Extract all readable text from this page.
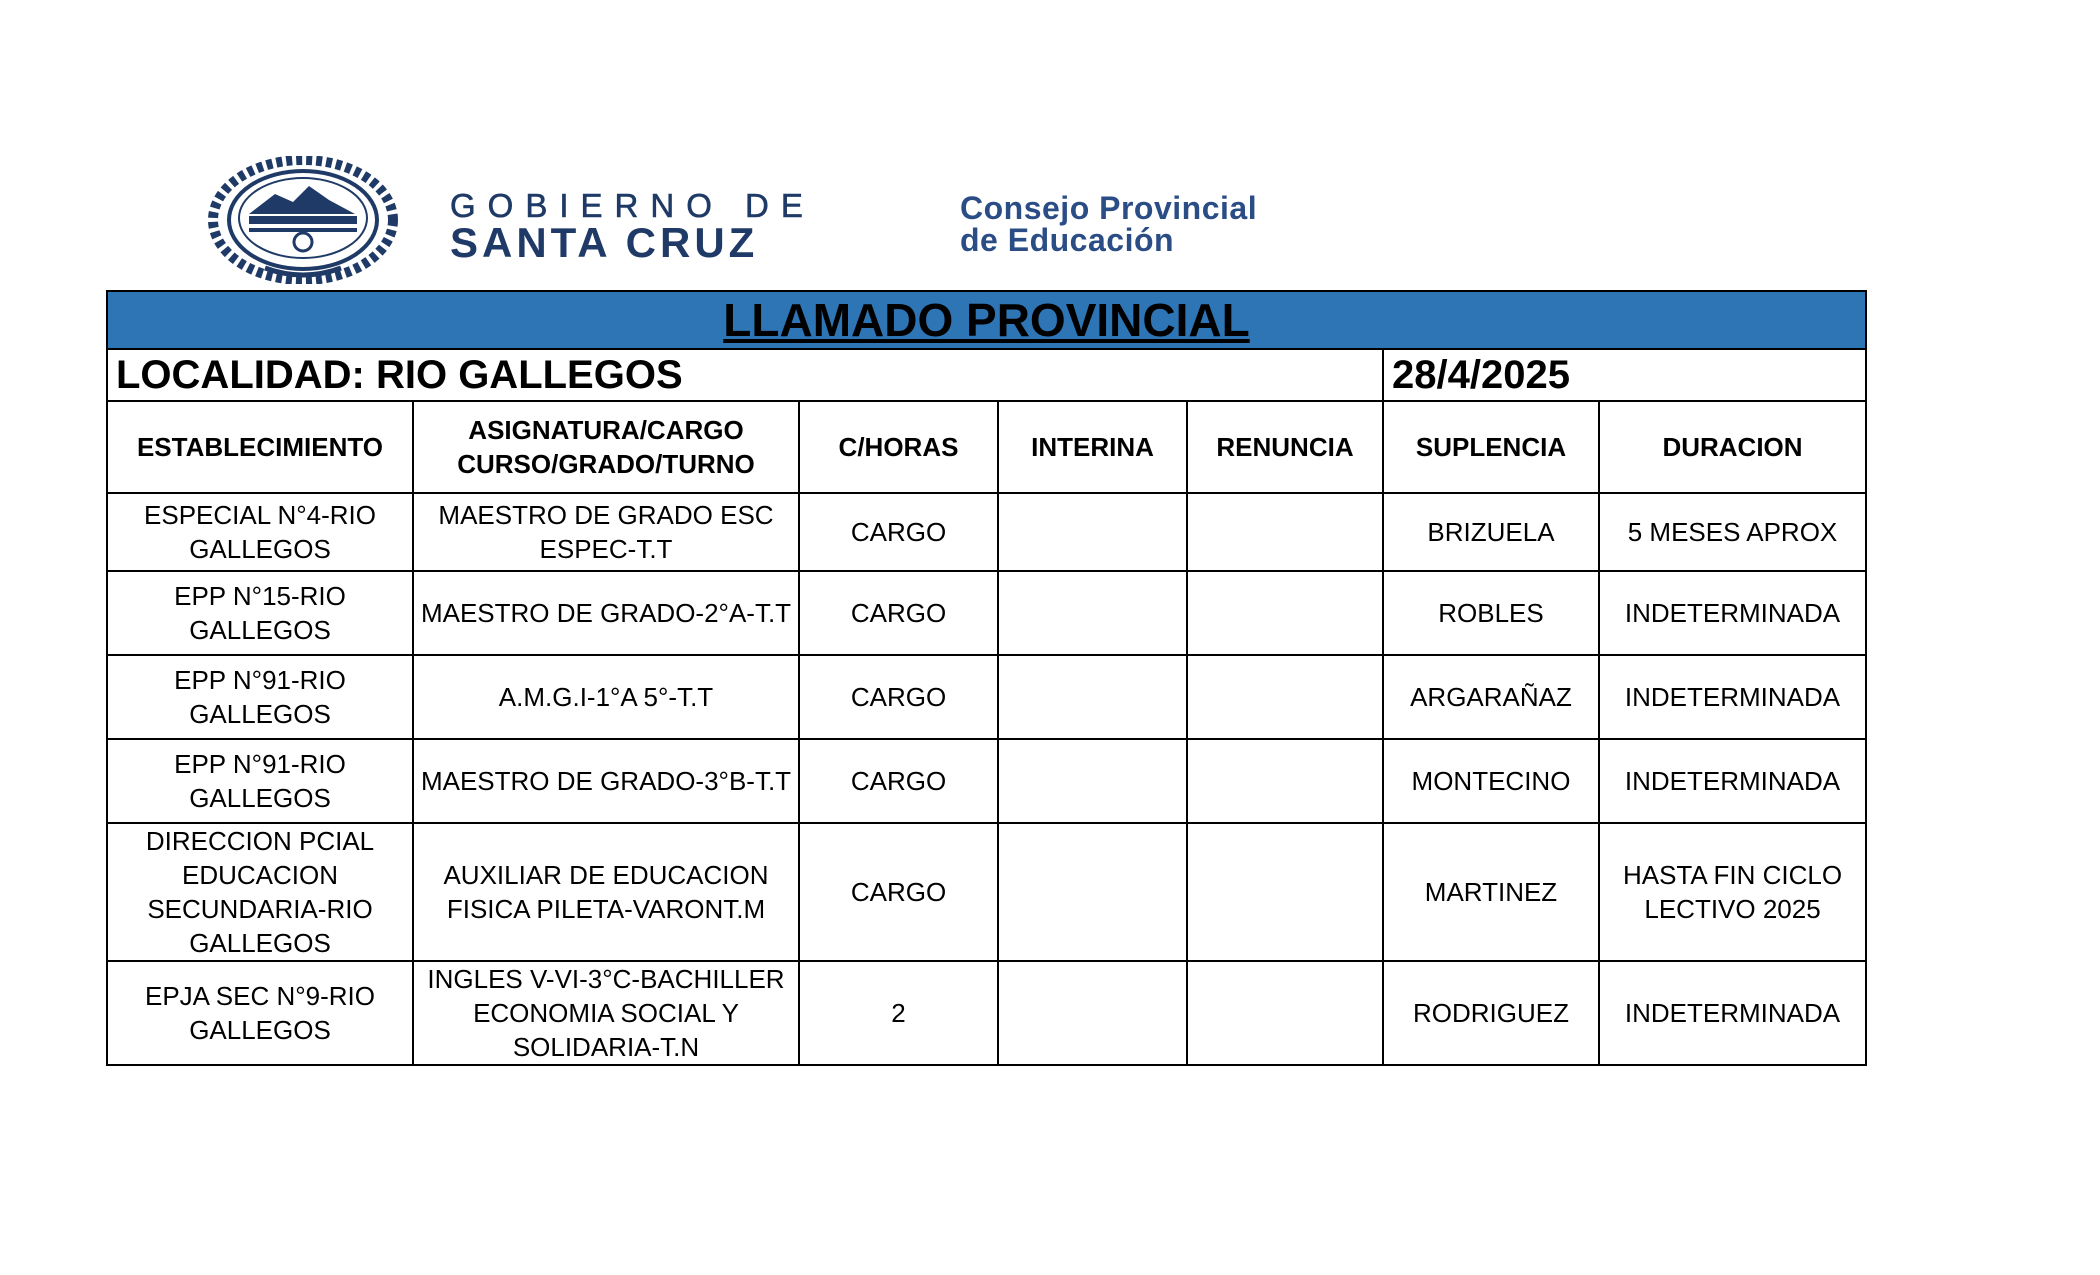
GOBIERNO DE
SANTA CRUZ
Consejo Provincial
de Educación
LLAMADO PROVINCIAL						
LOCALIDAD: RIO GALLEGOS					28/4/2025	
ESTABLECIMIENTO	ASIGNATURA/CARGO CURSO/GRADO/TURNO	C/HORAS	INTERINA	RENUNCIA	SUPLENCIA	DURACION
ESPECIAL N°4-RIO GALLEGOS	MAESTRO DE GRADO ESC ESPEC-T.T	CARGO			BRIZUELA	5 MESES APROX
EPP N°15-RIO GALLEGOS	MAESTRO DE GRADO-2°A-T.T	CARGO			ROBLES	INDETERMINADA
EPP N°91-RIO GALLEGOS	A.M.G.I-1°A 5°-T.T	CARGO			ARGARAÑAZ	INDETERMINADA
EPP N°91-RIO GALLEGOS	MAESTRO DE GRADO-3°B-T.T	CARGO			MONTECINO	INDETERMINADA
DIRECCION PCIAL EDUCACION SECUNDARIA-RIO GALLEGOS	AUXILIAR DE EDUCACION FISICA PILETA-VARONT.M	CARGO			MARTINEZ	HASTA FIN CICLO LECTIVO 2025
EPJA SEC N°9-RIO GALLEGOS	INGLES V-VI-3°C-BACHILLER ECONOMIA SOCIAL Y SOLIDARIA-T.N	2			RODRIGUEZ	INDETERMINADA
